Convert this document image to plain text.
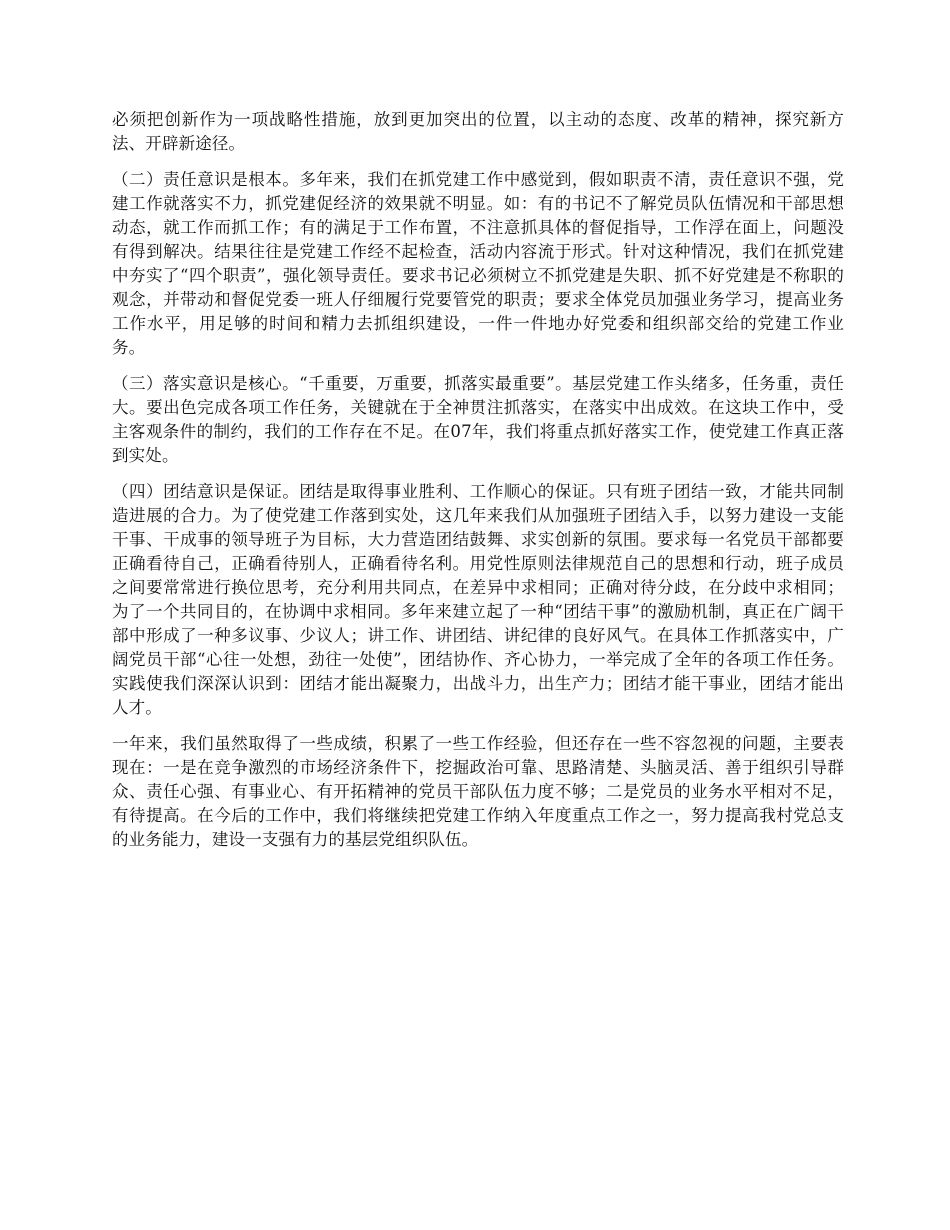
必须把创新作为一项战略性措施，放到更加突出的位置，以主动的态度、改革的精神，探究新方法、开辟新途径。

（二）责任意识是根本。多年来，我们在抓党建工作中感觉到，假如职责不清，责任意识不强，党建工作就落实不力，抓党建促经济的效果就不明显。如：有的书记不了解党员队伍情况和干部思想动态，就工作而抓工作；有的满足于工作布置，不注意抓具体的督促指导，工作浮在面上，问题没有得到解决。结果往往是党建工作经不起检查，活动内容流于形式。针对这种情况，我们在抓党建中夯实了“四个职责”，强化领导责任。要求书记必须树立不抓党建是失职、抓不好党建是不称职的观念，并带动和督促党委一班人仔细履行党要管党的职责；要求全体党员加强业务学习，提高业务工作水平，用足够的时间和精力去抓组织建设，一件一件地办好党委和组织部交给的党建工作业务。

（三）落实意识是核心。“千重要，万重要，抓落实最重要”。基层党建工作头绪多，任务重，责任大。要出色完成各项工作任务，关键就在于全神贯注抓落实，在落实中出成效。在这块工作中，受主客观条件的制约，我们的工作存在不足。在07年，我们将重点抓好落实工作，使党建工作真正落到实处。

（四）团结意识是保证。团结是取得事业胜利、工作顺心的保证。只有班子团结一致，才能共同制造进展的合力。为了使党建工作落到实处，这几年来我们从加强班子团结入手，以努力建设一支能干事、干成事的领导班子为目标，大力营造团结鼓舞、求实创新的氛围。要求每一名党员干部都要正确看待自己，正确看待别人，正确看待名利。用党性原则法律规范自己的思想和行动，班子成员之间要常常进行换位思考，充分利用共同点，在差异中求相同；正确对待分歧，在分歧中求相同；为了一个共同目的，在协调中求相同。多年来建立起了一种“团结干事”的激励机制，真正在广阔干部中形成了一种多议事、少议人；讲工作、讲团结、讲纪律的良好风气。在具体工作抓落实中，广阔党员干部“心往一处想，劲往一处使”，团结协作、齐心协力，一举完成了全年的各项工作任务。实践使我们深深认识到：团结才能出凝聚力，出战斗力，出生产力；团结才能干事业，团结才能出人才。

一年来，我们虽然取得了一些成绩，积累了一些工作经验，但还存在一些不容忽视的问题，主要表现在：一是在竞争激烈的市场经济条件下，挖掘政治可靠、思路清楚、头脑灵活、善于组织引导群众、责任心强、有事业心、有开拓精神的党员干部队伍力度不够；二是党员的业务水平相对不足，有待提高。在今后的工作中，我们将继续把党建工作纳入年度重点工作之一，努力提高我村党总支的业务能力，建设一支强有力的基层党组织队伍。
